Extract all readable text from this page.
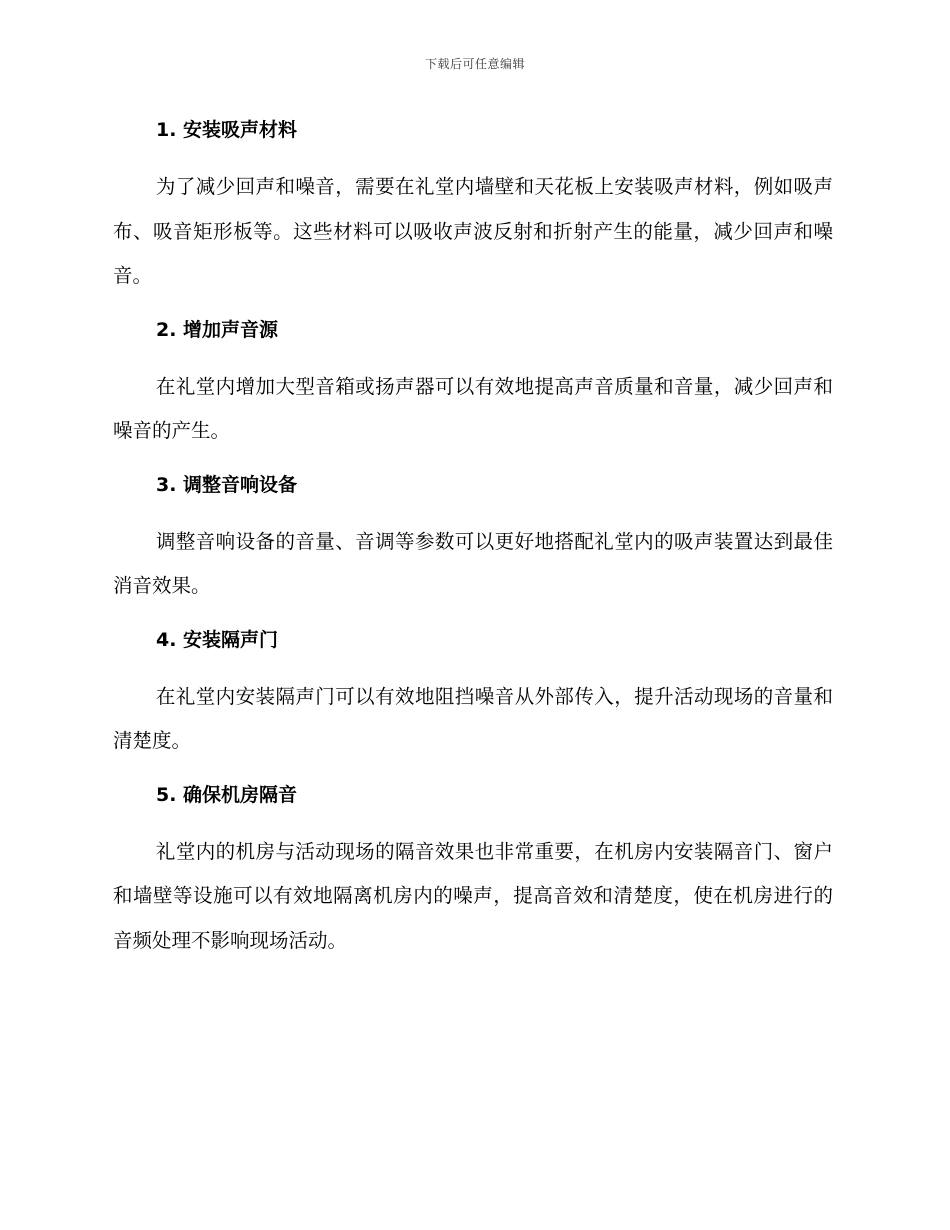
下载后可任意编辑

1. 安装吸声材料

为了减少回声和噪音，需要在礼堂内墙壁和天花板上安装吸声材料，例如吸声布、吸音矩形板等。这些材料可以吸收声波反射和折射产生的能量，减少回声和噪音。

2. 增加声音源

在礼堂内增加大型音箱或扬声器可以有效地提高声音质量和音量，减少回声和噪音的产生。

3. 调整音响设备

调整音响设备的音量、音调等参数可以更好地搭配礼堂内的吸声装置达到最佳消音效果。

4. 安装隔声门

在礼堂内安装隔声门可以有效地阻挡噪音从外部传入，提升活动现场的音量和清楚度。

5. 确保机房隔音

礼堂内的机房与活动现场的隔音效果也非常重要，在机房内安装隔音门、窗户和墙壁等设施可以有效地隔离机房内的噪声，提高音效和清楚度，使在机房进行的音频处理不影响现场活动。
